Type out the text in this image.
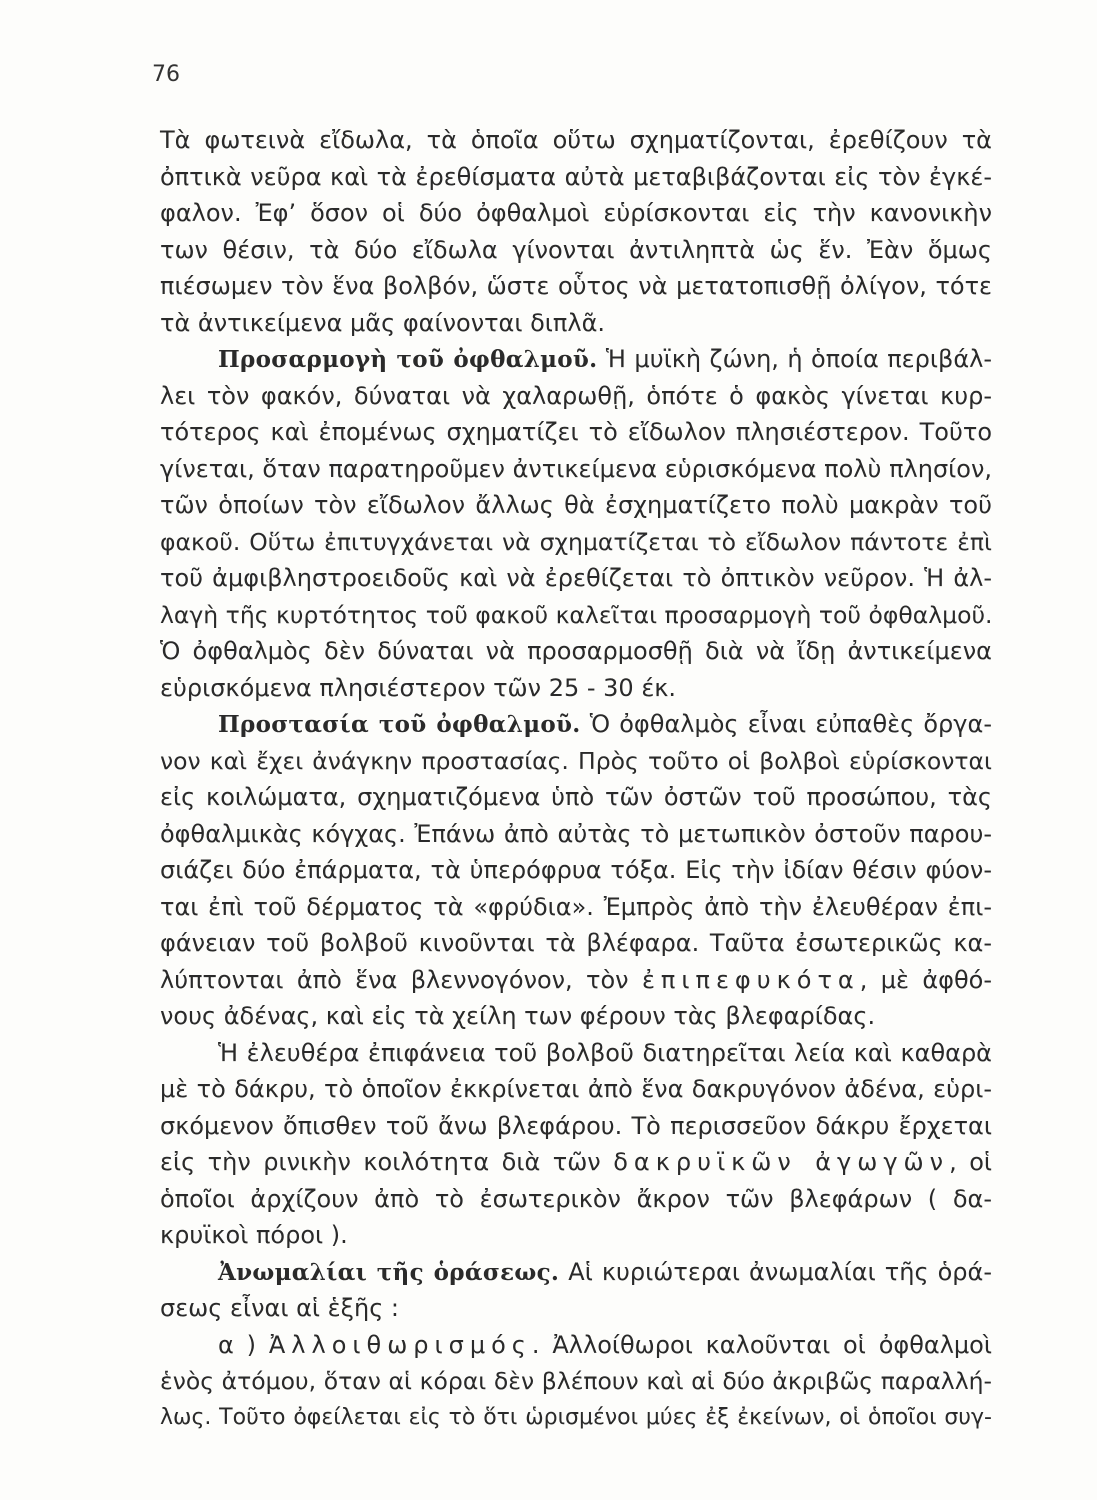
76
Τὰ φωτεινὰ εἴδωλα, τὰ ὁποῖα οὕτω σχηματίζονται, ἐρεθίζουν τὰ
ὀπτικὰ νεῦρα καὶ τὰ ἐρεθίσματα αὐτὰ μεταβιβάζονται εἰς τὸν ἐγκέ-
φαλον. Ἐφ’ ὅσον οἱ δύο ὀφθαλμοὶ εὑρίσκονται εἰς τὴν κανονικὴν
των θέσιν, τὰ δύο εἴδωλα γίνονται ἀντιληπτὰ ὡς ἕν. Ἐὰν ὅμως
πιέσωμεν τὸν ἕνα βολβόν, ὥστε οὗτος νὰ μετατοπισθῇ ὀλίγον, τότε
τὰ ἀντικείμενα μᾶς φαίνονται διπλᾶ.
Προσαρμογὴ τοῦ ὀφθαλμοῦ. Ἡ μυϊκὴ ζώνη, ἡ ὁποία περιβάλ-
λει τὸν φακόν, δύναται νὰ χαλαρωθῇ, ὁπότε ὁ φακὸς γίνεται κυρ-
τότερος καὶ ἐπομένως σχηματίζει τὸ εἴδωλον πλησιέστερον. Τοῦτο
γίνεται, ὅταν παρατηροῦμεν ἀντικείμενα εὑρισκόμενα πολὺ πλησίον,
τῶν ὁποίων τὸν εἴδωλον ἄλλως θὰ ἐσχηματίζετο πολὺ μακρὰν τοῦ
φακοῦ. Οὕτω ἐπιτυγχάνεται νὰ σχηματίζεται τὸ εἴδωλον πάντοτε ἐπὶ
τοῦ ἀμφιβληστροειδοῦς καὶ νὰ ἐρεθίζεται τὸ ὀπτικὸν νεῦρον. Ἡ ἀλ-
λαγὴ τῆς κυρτότητος τοῦ φακοῦ καλεῖται προσαρμογὴ τοῦ ὀφθαλμοῦ.
Ὁ ὀφθαλμὸς δὲν δύναται νὰ προσαρμοσθῇ διὰ νὰ ἴδῃ ἀντικείμενα
εὑρισκόμενα πλησιέστερον τῶν 25 - 30 έκ.
Προστασία τοῦ ὀφθαλμοῦ. Ὁ ὀφθαλμὸς εἶναι εὐπαθὲς ὄργα-
νον καὶ ἔχει ἀνάγκην προστασίας. Πρὸς τοῦτο οἱ βολβοὶ εὑρίσκονται
εἰς κοιλώματα, σχηματιζόμενα ὑπὸ τῶν ὀστῶν τοῦ προσώπου, τὰς
ὀφθαλμικὰς κόγχας. Ἐπάνω ἀπὸ αὐτὰς τὸ μετωπικὸν ὀστοῦν παρου-
σιάζει δύο ἐπάρματα, τὰ ὑπερόφρυα τόξα. Εἰς τὴν ἰδίαν θέσιν φύον-
ται ἐπὶ τοῦ δέρματος τὰ «φρύδια». Ἐμπρὸς ἀπὸ τὴν ἐλευθέραν ἐπι-
φάνειαν τοῦ βολβοῦ κινοῦνται τὰ βλέφαρα. Ταῦτα ἐσωτερικῶς κα-
λύπτονται ἀπὸ ἕνα βλεννογόνον, τὸν ἐπιπεφυκότα, μὲ ἀφθό-
νους ἀδένας, καὶ εἰς τὰ χείλη των φέρουν τὰς βλεφαρίδας.
Ἡ ἐλευθέρα ἐπιφάνεια τοῦ βολβοῦ διατηρεῖται λεία καὶ καθαρὰ
μὲ τὸ δάκρυ, τὸ ὁποῖον ἐκκρίνεται ἀπὸ ἕνα δακρυγόνον ἀδένα, εὑρι-
σκόμενον ὄπισθεν τοῦ ἄνω βλεφάρου. Τὸ περισσεῦον δάκρυ ἔρχεται
εἰς τὴν ρινικὴν κοιλότητα διὰ τῶν δακρυϊκῶν ἀγωγῶν, οἱ
ὁποῖοι ἀρχίζουν ἀπὸ τὸ ἐσωτερικὸν ἄκρον τῶν βλεφάρων ( δα-
κρυϊκοὶ πόροι ).
Ἀνωμαλίαι τῆς ὁράσεως. Αἱ κυριώτεραι ἀνωμαλίαι τῆς ὁρά-
σεως εἶναι αἱ ἑξῆς :
α ) Ἀλλοιθωρισμός. Ἀλλοίθωροι καλοῦνται οἱ ὀφθαλμοὶ
ἑνὸς ἀτόμου, ὅταν αἱ κόραι δὲν βλέπουν καὶ αἱ δύο ἀκριβῶς παραλλή-
λως. Τοῦτο ὀφείλεται εἰς τὸ ὅτι ὡρισμένοι μύες ἐξ ἐκείνων, οἱ ὁποῖοι συγ-
